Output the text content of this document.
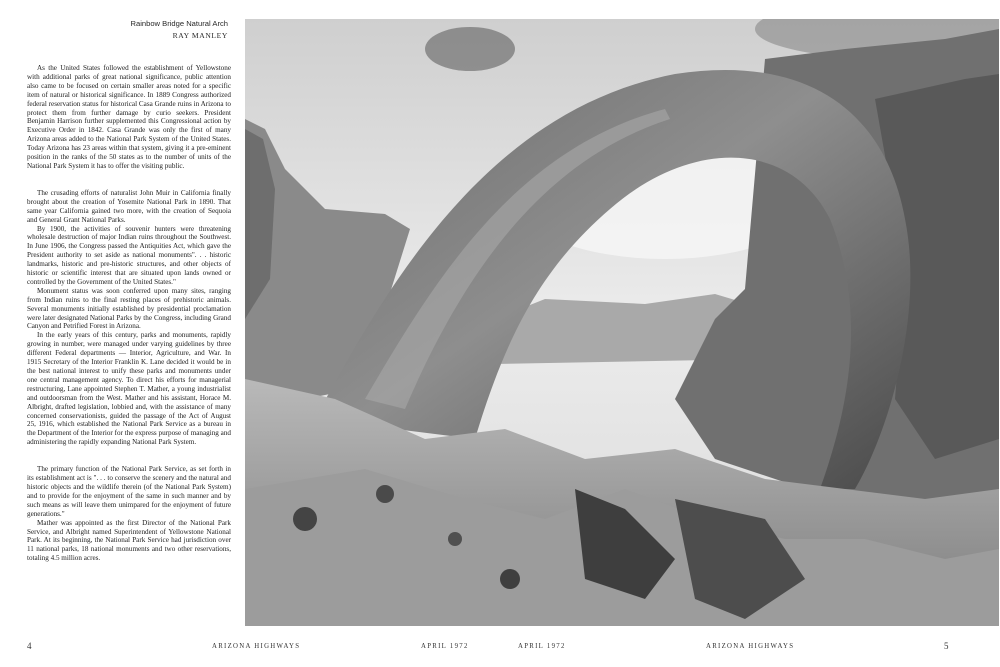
Rainbow Bridge Natural Arch
RAY MANLEY

As the United States followed the establishment of Yellowstone with additional parks of great national significance, public attention also came to be focused on certain smaller areas noted for a specific item of natural or historical significance. In 1889 Congress authorized federal reservation status for historical Casa Grande ruins in Arizona to protect them from further damage by curio seekers. President Benjamin Harrison further supplemented this Congressional action by Executive Order in 1842. Casa Grande was only the first of many Arizona areas added to the National Park System of the United States. Today Arizona has 23 areas within that system, giving it a pre-eminent position in the ranks of the 50 states as to the number of units of the National Park System it has to offer the visiting public.

The crusading efforts of naturalist John Muir in California finally brought about the creation of Yosemite National Park in 1890. That same year California gained two more, with the creation of Sequoia and General Grant National Parks.

By 1900, the activities of souvenir hunters were threatening wholesale destruction of major Indian ruins throughout the Southwest. In June 1906, the Congress passed the Antiquities Act, which gave the President authority to set aside as national monuments". . . historic landmarks, historic and pre-historic structures, and other objects of historic or scientific interest that are situated upon lands owned or controlled by the Government of the United States."

Monument status was soon conferred upon many sites, ranging from Indian ruins to the final resting places of prehistoric animals. Several monuments initially established by presidential proclamation were later designated National Parks by the Congress, including Grand Canyon and Petrified Forest in Arizona.

In the early years of this century, parks and monuments, rapidly growing in number, were managed under varying guidelines by three different Federal departments — Interior, Agriculture, and War. In 1915 Secretary of the Interior Franklin K. Lane decided it would be in the best national interest to unify these parks and monuments under one central management agency. To direct his efforts for managerial restructuring, Lane appointed Stephen T. Mather, a young industrialist and outdoorsman from the West. Mather and his assistant, Horace M. Albright, drafted legislation, lobbied and, with the assistance of many concerned conservationists, guided the passage of the Act of August 25, 1916, which established the National Park Service as a bureau in the Department of the Interior for the express purpose of managing and administering the rapidly expanding National Park System.

The primary function of the National Park Service, as set forth in its establishment act is ". . . to conserve the scenery and the natural and historic objects and the wildlife therein (of the National Park System) and to provide for the enjoyment of the same in such manner and by such means as will leave them unimpared for the enjoyment of future generations."

Mather was appointed as the first Director of the National Park Service, and Albright named Superintendent of Yellowstone National Park. At its beginning, the National Park Service had jurisdiction over 11 national parks, 18 national monuments and two other reservations, totaling 4.5 million acres.

4	ARIZONA HIGHWAYS	APRIL 1972	APRIL 1972	ARIZONA HIGHWAYS	5
